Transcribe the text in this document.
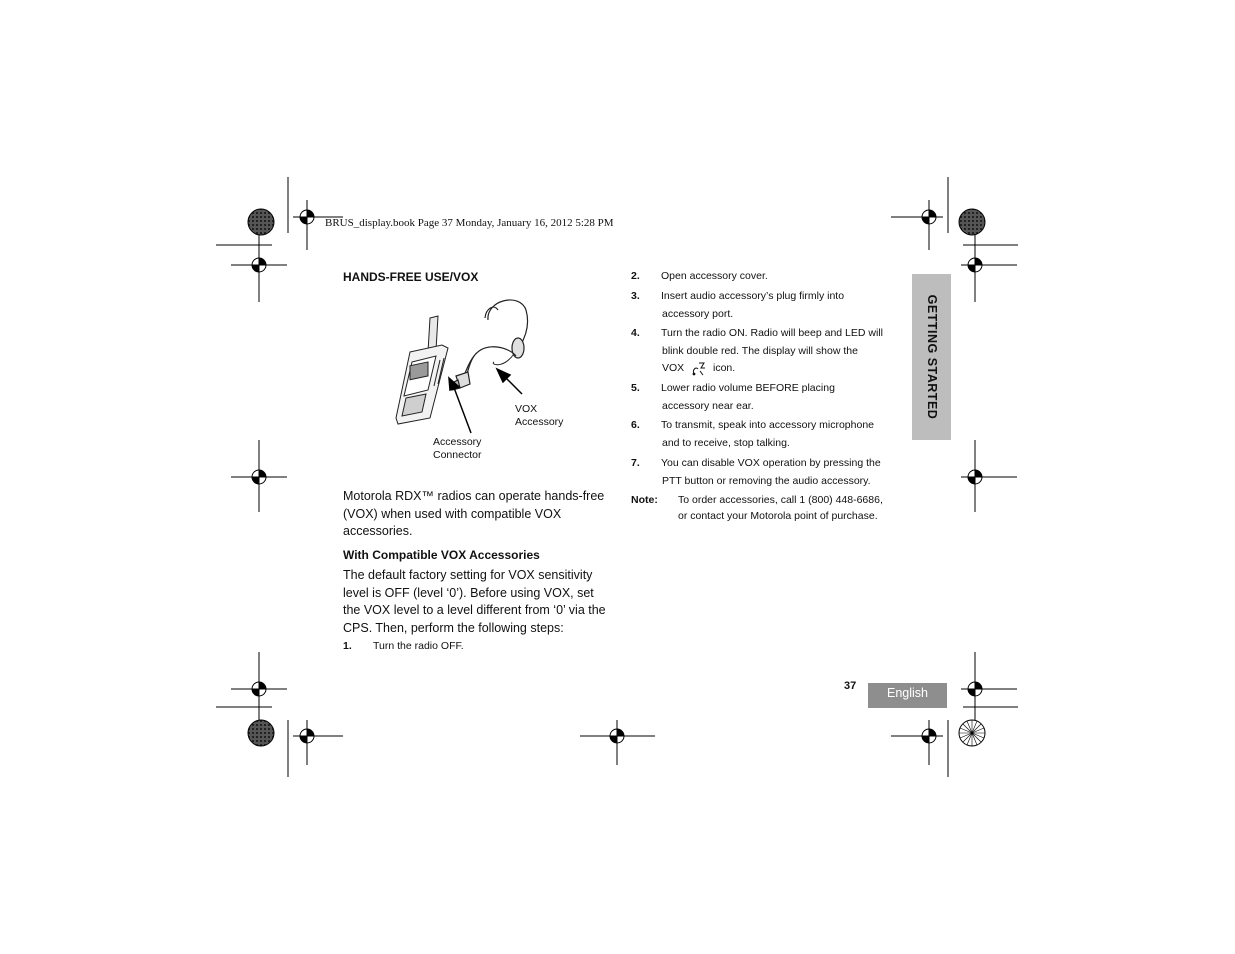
BRUS_display.book Page 37 Monday, January 16, 2012 5:28 PM
HANDS-FREE USE/VOX
VOX
Accessory
Accessory
Connector
Motorola RDX™ radios can operate hands-free
(VOX) when used with compatible VOX
accessories.
With Compatible VOX Accessories
The default factory setting for VOX sensitivity
level is OFF (level ‘0’). Before using VOX, set
the VOX level to a level different from ‘0’ via the
CPS. Then, perform the following steps:
1. Turn the radio OFF.
2. Open accessory cover.
3. Insert audio accessory’s plug firmly into
accessory port.
4. Turn the radio ON. Radio will beep and LED will
blink double red. The display will show the
VOX	icon.
5. Lower radio volume BEFORE placing
accessory near ear.
6. To transmit, speak into accessory microphone
and to receive, stop talking.
7. You can disable VOX operation by pressing the
PTT button or removing the audio accessory.
Note: To order accessories, call 1 (800) 448-6686,
or contact your Motorola point of purchase.
GETTING STARTED
37	English
